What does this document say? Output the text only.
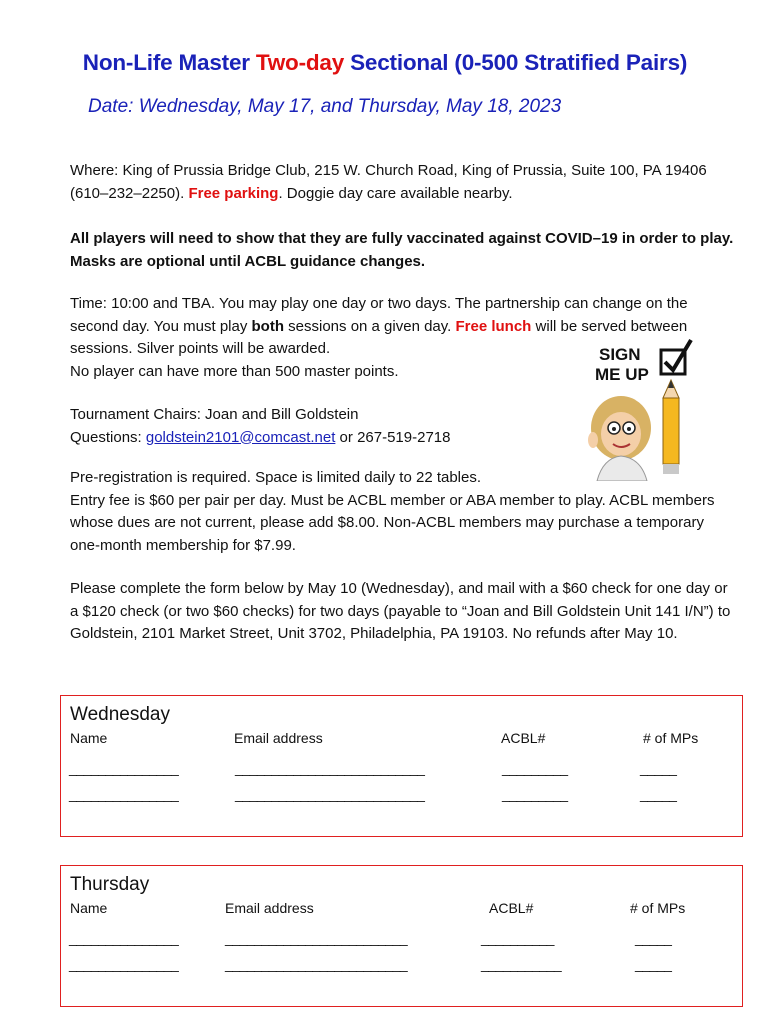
Non-Life Master Two-day Sectional (0-500 Stratified Pairs)
Date: Wednesday, May 17, and Thursday, May 18, 2023
Where: King of Prussia Bridge Club, 215 W. Church Road, King of Prussia, Suite 100, PA 19406 (610–232–2250). Free parking. Doggie day care available nearby.
All players will need to show that they are fully vaccinated against COVID–19 in order to play. Masks are optional until ACBL guidance changes.
Time: 10:00 and TBA. You may play one day or two days. The partnership can change on the second day. You must play both sessions on a given day. Free lunch will be served between sessions. Silver points will be awarded.
No player can have more than 500 master points.
Tournament Chairs: Joan and Bill Goldstein
Questions: goldstein2101@comcast.net or 267-519-2718
Pre-registration is required. Space is limited daily to 22 tables.
Entry fee is $60 per pair per day. Must be ACBL member or ABA member to play. ACBL members whose dues are not current, please add $8.00. Non-ACBL members may purchase a temporary one-month membership for $7.99.
Please complete the form below by May 10 (Wednesday), and mail with a $60 check for one day or a $120 check (or two $60 checks) for two days (payable to “Joan and Bill Goldstein Unit 141 I/N”) to Goldstein, 2101 Market Street, Unit 3702, Philadelphia, PA 19103. No refunds after May 10.
SIGN
ME UP
Wednesday
Name	Email address	ACBL#	# of MPs
_______________	__________________________	_________	_____
_______________	__________________________	_________	_____
Thursday
Name	Email address	ACBL#	# of MPs
_______________	_________________________	__________	_____
_______________	_________________________	___________	_____
